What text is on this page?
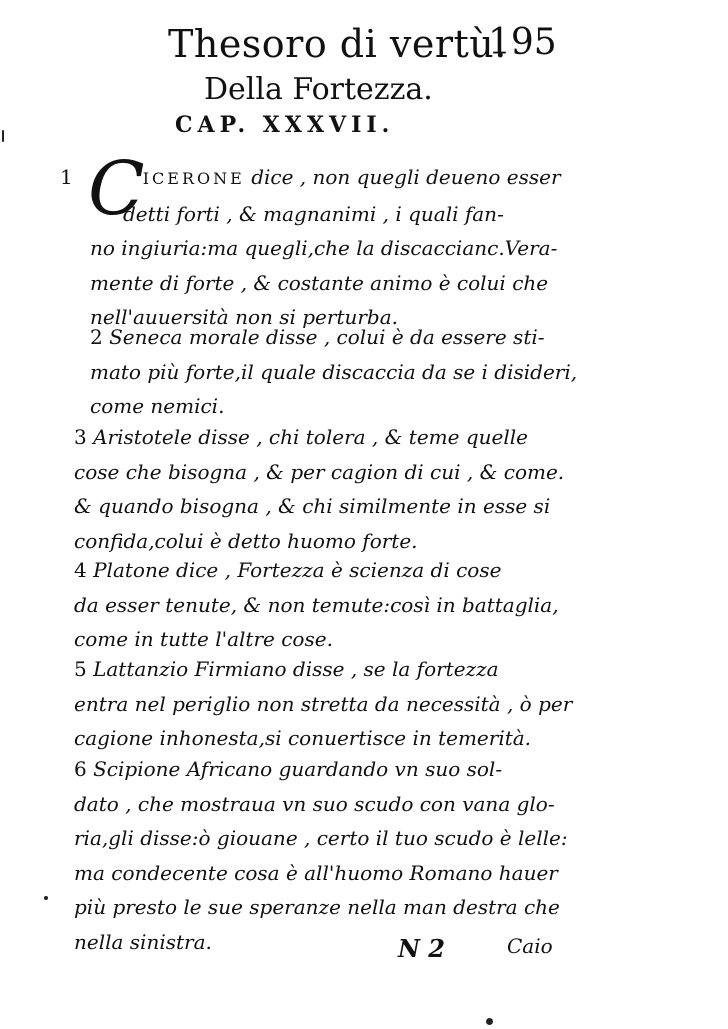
Thesoro di vertù.
195
Della Fortezza.
CAP. XXXVII.
C
1	ICERONE dice , non quegli deueno esser
detti forti , & magnanimi , i quali fan-
no ingiuria:ma quegli,che la discaccianc.Vera-
mente di forte , & costante animo è colui che
nell'auuersità non si perturba.
2 Seneca morale disse , colui è da essere sti-
mato più forte,il quale discaccia da se i disideri,
come nemici.
3 Aristotele disse , chi tolera , & teme quelle
cose che bisogna , & per cagion di cui , & come.
& quando bisogna , & chi similmente in esse si
confida,colui è detto huomo forte.
4 Platone dice , Fortezza è scienza di cose
da esser tenute, & non temute:così in battaglia,
come in tutte l'altre cose.
5 Lattanzio Firmiano disse , se la fortezza
entra nel periglio non stretta da necessità , ò per
cagione inhonesta,si conuertisce in temerità.
6 Scipione Africano guardando vn suo sol-
dato , che mostraua vn suo scudo con vana glo-
ria,gli disse:ò giouane , certo il tuo scudo è lelle:
ma condecente cosa è all'huomo Romano hauer
più presto le sue speranze nella man destra che
nella sinistra.	N 2	Caio
